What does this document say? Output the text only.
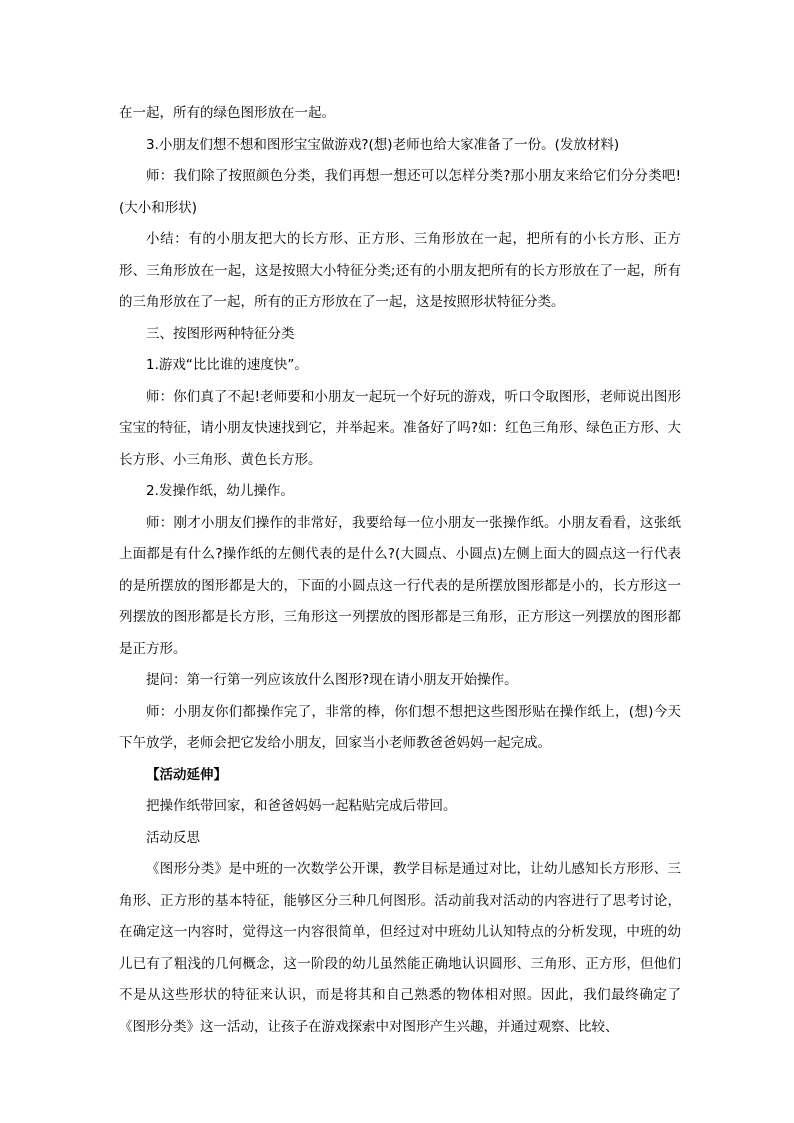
在一起，所有的绿色图形放在一起。

3.小朋友们想不想和图形宝宝做游戏?(想)老师也给大家准备了一份。(发放材料)

师：我们除了按照颜色分类，我们再想一想还可以怎样分类?那小朋友来给它们分分类吧!(大小和形状)

小结：有的小朋友把大的长方形、正方形、三角形放在一起，把所有的小长方形、正方形、三角形放在一起，这是按照大小特征分类;还有的小朋友把所有的长方形放在了一起，所有的三角形放在了一起，所有的正方形放在了一起，这是按照形状特征分类。

三、按图形两种特征分类

1.游戏“比比谁的速度快”。

师：你们真了不起!老师要和小朋友一起玩一个好玩的游戏，听口令取图形，老师说出图形宝宝的特征，请小朋友快速找到它，并举起来。准备好了吗?如：红色三角形、绿色正方形、大长方形、小三角形、黄色长方形。

2.发操作纸，幼儿操作。

师：刚才小朋友们操作的非常好，我要给每一位小朋友一张操作纸。小朋友看看，这张纸上面都是有什么?操作纸的左侧代表的是什么?(大圆点、小圆点)左侧上面大的圆点这一行代表的是所摆放的图形都是大的，下面的小圆点这一行代表的是所摆放图形都是小的，长方形这一列摆放的图形都是长方形，三角形这一列摆放的图形都是三角形，正方形这一列摆放的图形都是正方形。

提问：第一行第一列应该放什么图形?现在请小朋友开始操作。

师：小朋友你们都操作完了，非常的棒，你们想不想把这些图形贴在操作纸上，(想)今天下午放学，老师会把它发给小朋友，回家当小老师教爸爸妈妈一起完成。

【活动延伸】

把操作纸带回家，和爸爸妈妈一起粘贴完成后带回。

活动反思

《图形分类》是中班的一次数学公开课，教学目标是通过对比，让幼儿感知长方形形、三角形、正方形的基本特征，能够区分三种几何图形。活动前我对活动的内容进行了思考讨论，在确定这一内容时，觉得这一内容很简单，但经过对中班幼儿认知特点的分析发现，中班的幼儿已有了粗浅的几何概念，这一阶段的幼儿虽然能正确地认识圆形、三角形、正方形，但他们不是从这些形状的特征来认识，而是将其和自己熟悉的物体相对照。因此，我们最终确定了《图形分类》这一活动，让孩子在游戏探索中对图形产生兴趣，并通过观察、比较、
